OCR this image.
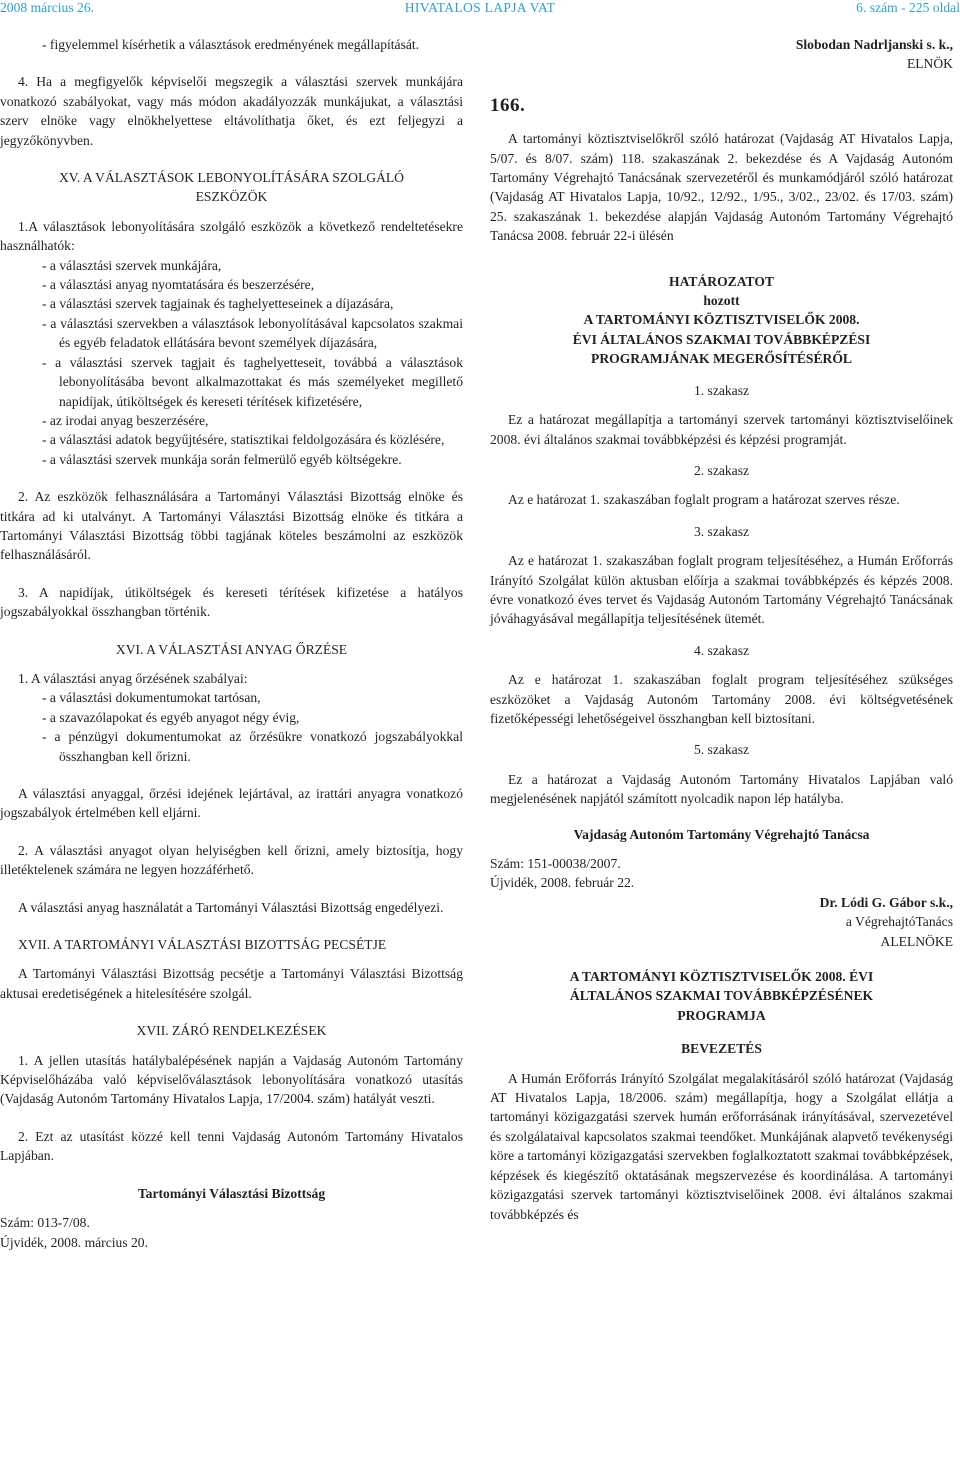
2008 március 26.	HIVATALOS LAPJA VAT	6. szám - 225 oldal

- figyelemmel kísérhetik a választások eredményének megállapítását.

4. Ha a megfigyelők képviselői megszegik a választási szervek munkájára vonatkozó szabályokat, vagy más módon akadályozzák munkájukat, a választási szerv elnöke vagy elnökhelyettese eltávolíthatja őket, és ezt feljegyzi a jegyzőkönyvben.

XV. A VÁLASZTÁSOK LEBONYOLÍTÁSÁRA SZOLGÁLÓ ESZKÖZÖK

1.A választások lebonyolítására szolgáló eszközök a következő rendeltetésekre használhatók:

- a választási szervek munkájára,

- a választási anyag nyomtatására és beszerzésére,

- a választási szervek tagjainak és taghelyetteseinek a díjazására,

- a választási szervekben a választások lebonyolításával kapcsolatos szakmai és egyéb feladatok ellátására bevont személyek díjazására,

- a választási szervek tagjait és taghelyetteseit, továbbá a választások lebonyolításába bevont alkalmazottakat és más személyeket megillető napidíjak, útiköltségek és kereseti térítések kifizetésére,

- az irodai anyag beszerzésére,

- a választási adatok begyűjtésére, statisztikai feldolgozására és közlésére,

- a választási szervek munkája során felmerülő egyéb költségekre.

2. Az eszközök felhasználására a Tartományi Választási Bizottság elnöke és titkára ad ki utalványt. A Tartományi Választási Bizottság elnöke és titkára a Tartományi Választási Bizottság többi tagjának köteles beszámolni az eszközök felhasználásáról.

3. A napidíjak, útiköltségek és kereseti térítések kifizetése a hatályos jogszabályokkal összhangban történik.

XVI. A VÁLASZTÁSI ANYAG ŐRZÉSE

1. A választási anyag őrzésének szabályai:

- a választási dokumentumokat tartósan,

- a szavazólapokat és egyéb anyagot négy évig,

- a pénzügyi dokumentumokat az őrzésükre vonatkozó jogszabályokkal összhangban kell őrizni.

A választási anyaggal, őrzési idejének lejártával, az irattári anyagra vonatkozó jogszabályok értelmében kell eljárni.

2. A választási anyagot olyan helyiségben kell őrizni, amely biztosítja, hogy illetéktelenek számára ne legyen hozzáférhető.

A választási anyag használatát a Tartományi Választási Bizottság engedélyezi.

XVII. A TARTOMÁNYI VÁLASZTÁSI BIZOTTSÁG PECSÉTJE

A Tartományi Választási Bizottság pecsétje a Tartományi Választási Bizottság aktusai eredetiségének a hitelesítésére szolgál.

XVII. ZÁRÓ RENDELKEZÉSEK

1. A jellen utasítás hatálybalépésének napján a Vajdaság Autonóm Tartomány Képviselőházába való képviselőválasztások lebonyolítására vonatkozó utasítás (Vajdaság Autonóm Tartomány Hivatalos Lapja, 17/2004. szám) hatályát veszti.

2. Ezt az utasítást közzé kell tenni Vajdaság Autonóm Tartomány Hivatalos Lapjában.

Tartományi Választási Bizottság

Szám: 013-7/08.

Újvidék, 2008. március 20.

Slobodan Nadrljanski s. k.,

ELNÖK

166.

A tartományi köztisztviselőkről szóló határozat (Vajdaság AT Hivatalos Lapja, 5/07. és 8/07. szám) 118. szakaszának 2. bekezdése és A Vajdaság Autonóm Tartomány Végrehajtó Tanácsának szervezetéről és munkamódjáról szóló határozat (Vajdaság AT Hivatalos Lapja, 10/92., 12/92., 1/95., 3/02., 23/02. és 17/03. szám) 25. szakaszának 1. bekezdése alapján Vajdaság Autonóm Tartomány Végrehajtó Tanácsa 2008. február 22-i ülésén

HATÁROZATOT

hozott

A TARTOMÁNYI KÖZTISZTVISELŐK 2008.

ÉVI ÁLTALÁNOS SZAKMAI TOVÁBBKÉPZÉSI

PROGRAMJÁNAK MEGERŐSÍTÉSÉRŐL

1. szakasz

Ez a határozat megállapítja a tartományi szervek tartományi köztisztviselőinek 2008. évi általános szakmai továbbképzési és képzési programját.

2. szakasz

Az e határozat 1. szakaszában foglalt program a határozat szerves része.

3. szakasz

Az e határozat 1. szakaszában foglalt program teljesítéséhez, a Humán Erőforrás Irányító Szolgálat külön aktusban előírja a szakmai továbbképzés és képzés 2008. évre vonatkozó éves tervet és Vajdaság Autonóm Tartomány Végrehajtó Tanácsának jóváhagyásával megállapítja teljesítésének ütemét.

4. szakasz

Az e határozat 1. szakaszában foglalt program teljesítéséhez szükséges eszközöket a Vajdaság Autonóm Tartomány 2008. évi költségvetésének fizetőképességi lehetőségeivel összhangban kell biztosítani.

5. szakasz

Ez a határozat a Vajdaság Autonóm Tartomány Hivatalos Lapjában való megjelenésének napjától számított nyolcadik napon lép hatályba.

Vajdaság Autonóm Tartomány Végrehajtó Tanácsa

Szám: 151-00038/2007.

Újvidék, 2008. február 22.

Dr. Lódi G. Gábor s.k.,

a VégrehajtóTanács

ALELNÖKE

A TARTOMÁNYI KÖZTISZTVISELŐK 2008. ÉVI

ÁLTALÁNOS SZAKMAI TOVÁBBKÉPZÉSÉNEK

PROGRAMJA

BEVEZETÉS

A Humán Erőforrás Irányító Szolgálat megalakításáról szóló határozat (Vajdaság AT Hivatalos Lapja, 18/2006. szám) megállapítja, hogy a Szolgálat ellátja a tartományi közigazgatási szervek humán erőforrásának irányításával, szervezetével és szolgálataival kapcsolatos szakmai teendőket. Munkájának alapvető tevékenységi köre a tartományi közigazgatási szervekben foglalkoztatott szakmai továbbképzések, képzések és kiegészítő oktatásának megszervezése és koordinálása. A tartományi közigazgatási szervek tartományi köztisztviselőinek 2008. évi általános szakmai továbbképzés és
